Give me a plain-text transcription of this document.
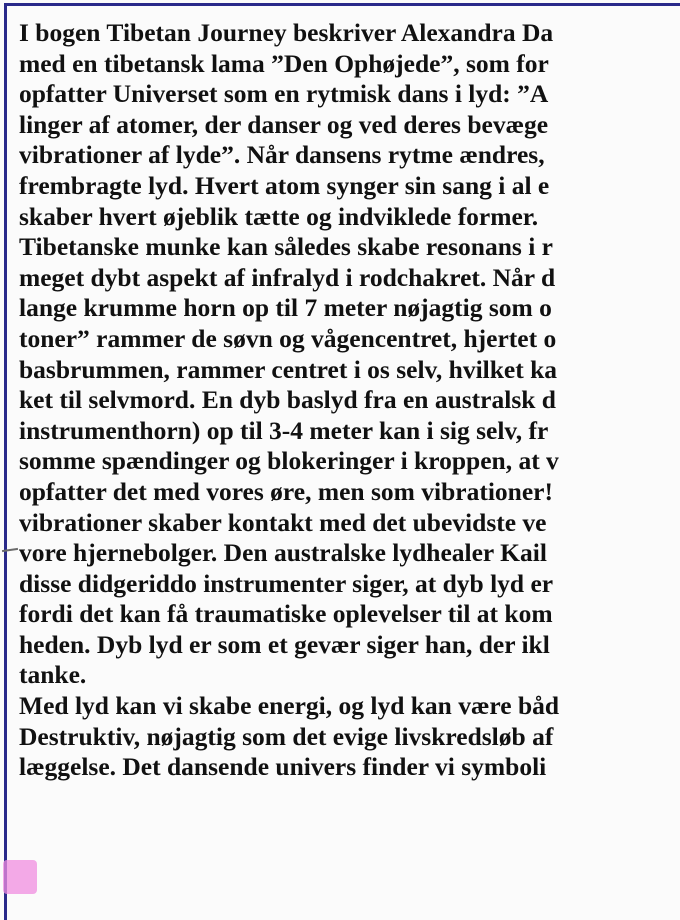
I bogen Tibetan Journey beskriver Alexandra Da
med en tibetansk lama ”Den Ophøjede”, som for
opfatter Universet som en rytmisk dans i lyd: ”A
linger af atomer, der danser og ved deres bevæge
vibrationer af lyde”. Når dansens rytme ændres,
frembragte lyd. Hvert atom synger sin sang i al e
skaber hvert øjeblik tætte og indviklede former.
Tibetanske munke kan således skabe resonans i r
meget dybt aspekt af infralyd i rodchakret. Når d
lange krumme horn op til 7 meter nøjagtig som o
toner” rammer de søvn og vågencentret, hjertet o
basbrummen, rammer centret i os selv, hvilket ka
ket til selvmord. En dyb baslyd fra en australsk d
instrumenthorn) op til 3-4 meter kan i sig selv, fr
somme spændinger og blokeringer i kroppen, at v
opfatter det med vores øre, men som vibrationer!
vibrationer skaber kontakt med det ubevidste ve
vore hjernebolger. Den australske lydhealer Kail
disse didgeriddo instrumenter siger, at dyb lyd er
fordi det kan få traumatiske oplevelser til at kom
heden. Dyb lyd er som et gevær siger han, der ikl
tanke.
Med lyd kan vi skabe energi, og lyd kan være båd
Destruktiv, nøjagtig som det evige livskredsløb af
læggelse. Det dansende univers finder vi symboli
